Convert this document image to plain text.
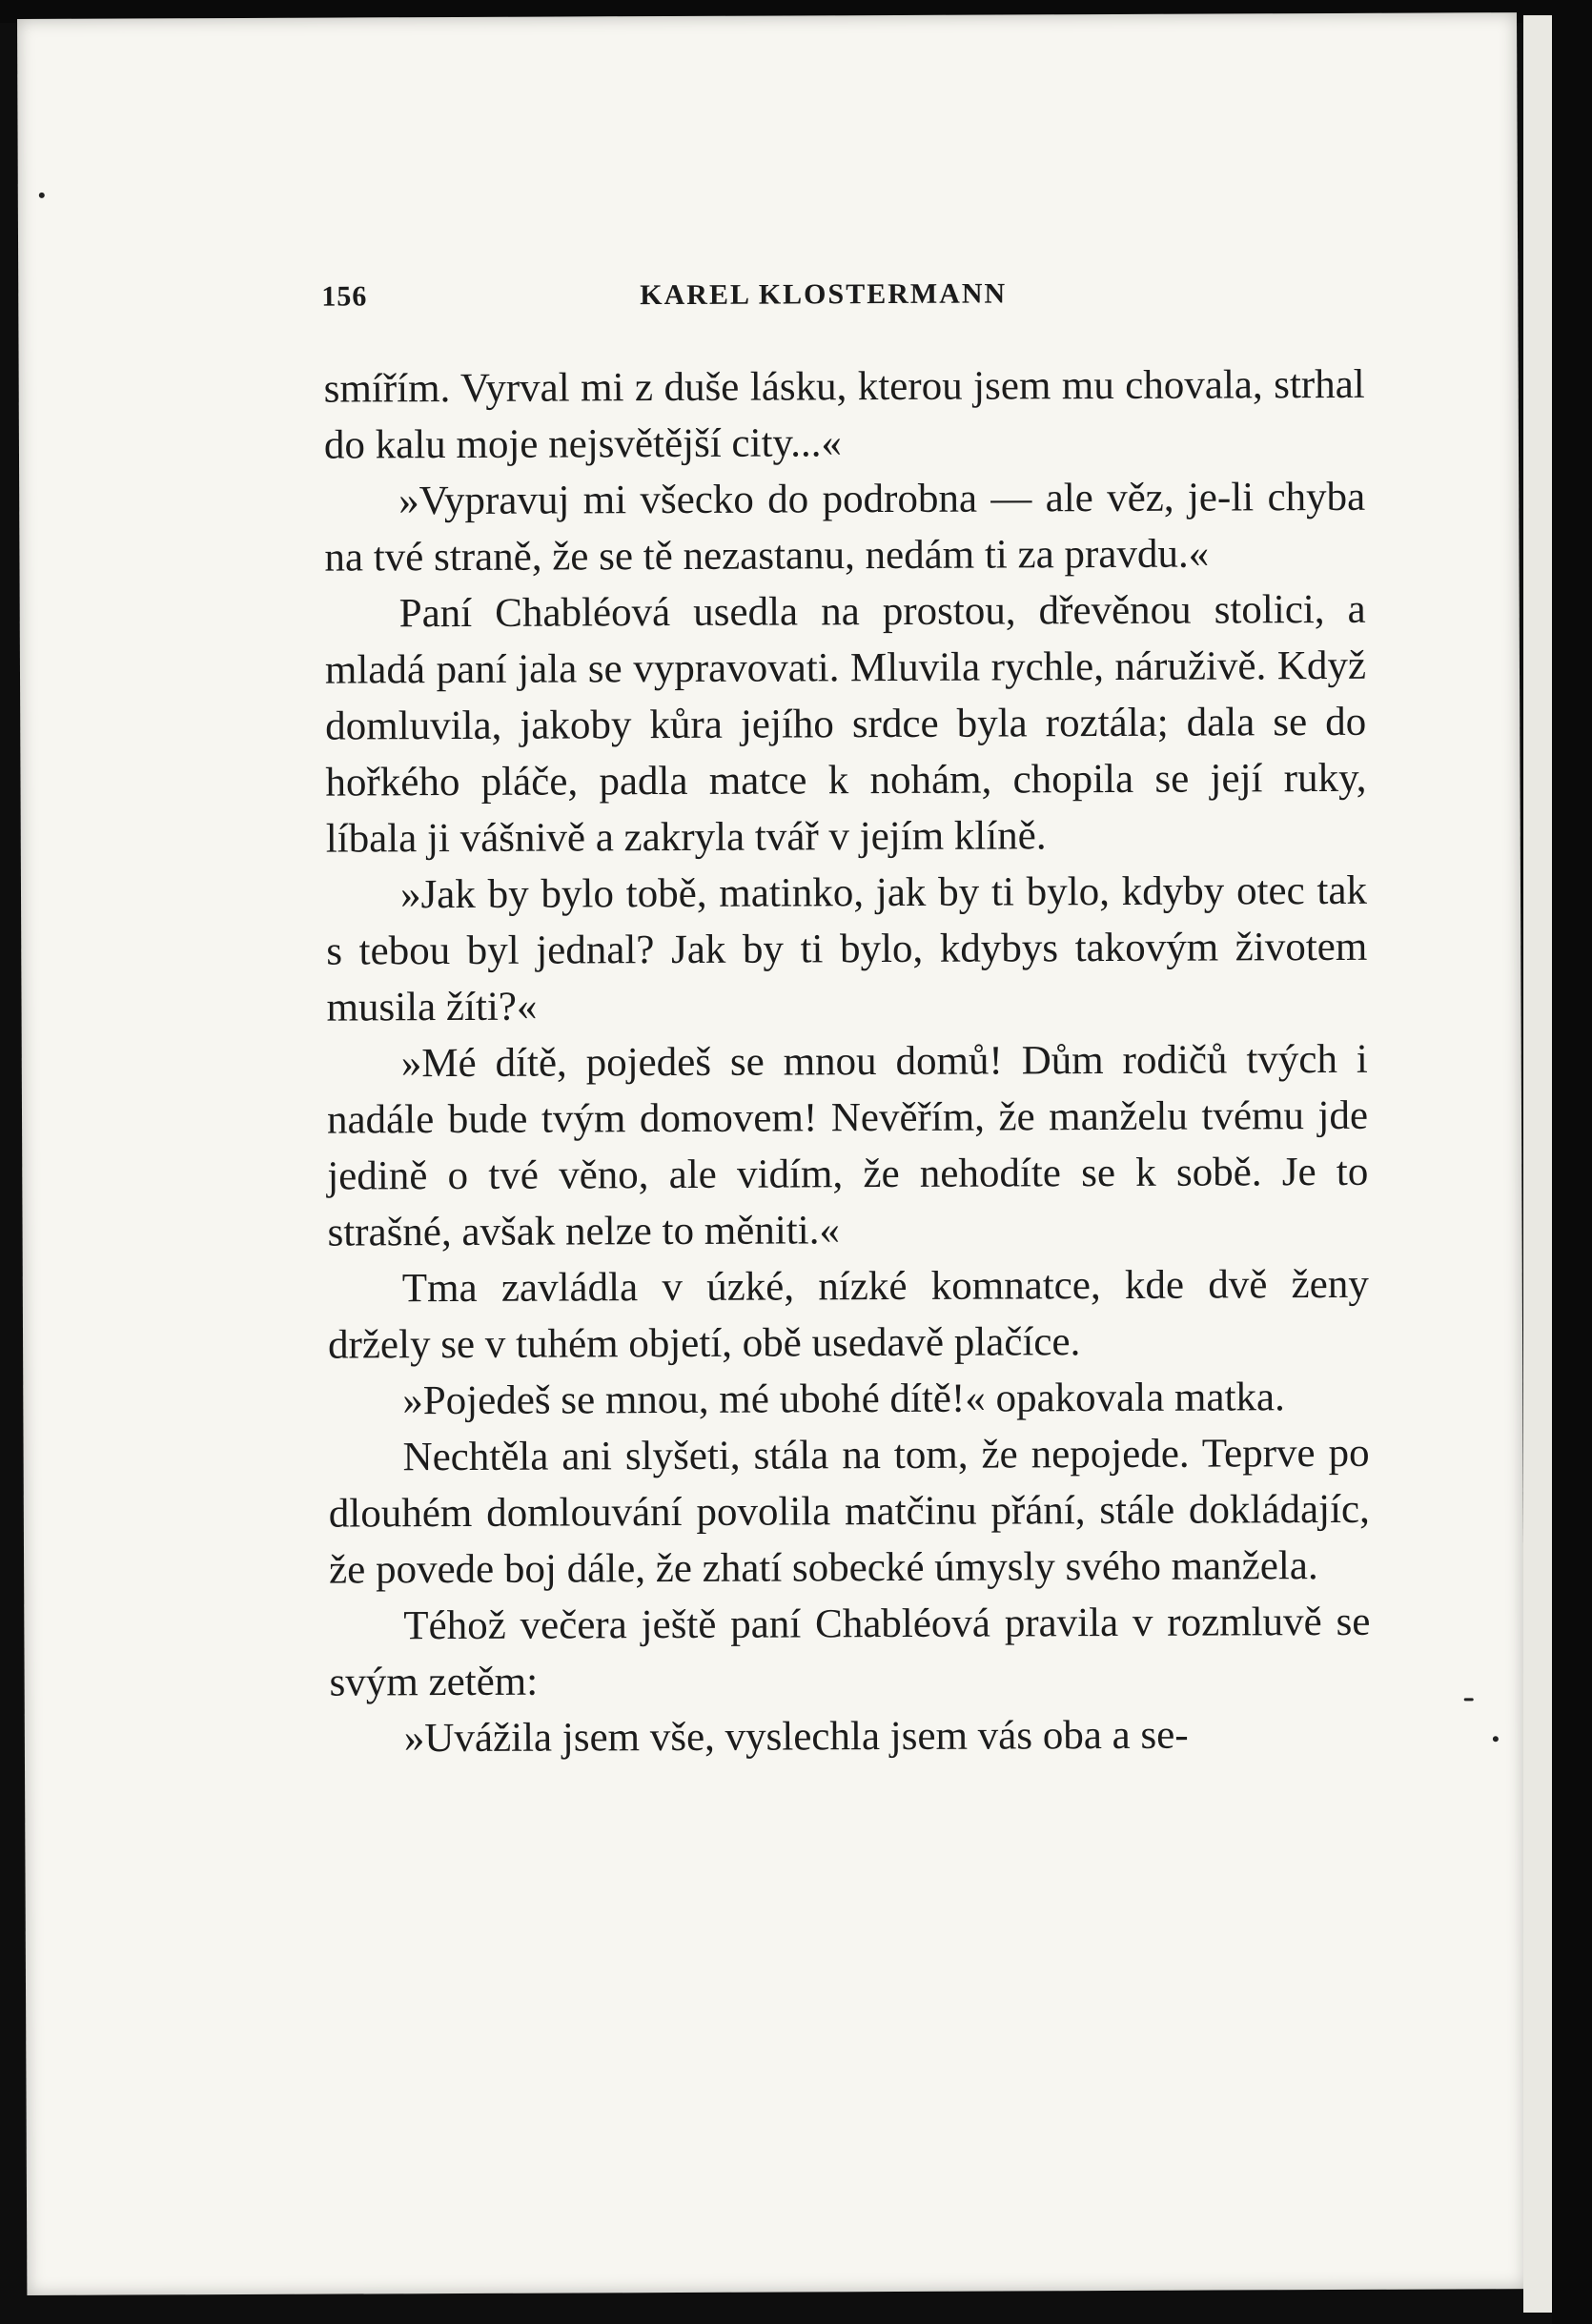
156	KAREL KLOSTERMANN

smířím. Vyrval mi z duše lásku, kterou jsem mu chovala, strhal do kalu moje nejsvětější city...«

»Vypravuj mi všecko do podrobna — ale věz, je-li chyba na tvé straně, že se tě nezastanu, nedám ti za pravdu.«

Paní Chabléová usedla na prostou, dřevěnou stolici, a mladá paní jala se vypravovati. Mluvila rychle, náruživě. Když domluvila, jakoby kůra jejího srdce byla roztála; dala se do hořkého pláče, padla matce k nohám, chopila se její ruky, líbala ji vášnivě a zakryla tvář v jejím klíně.

»Jak by bylo tobě, matinko, jak by ti bylo, kdyby otec tak s tebou byl jednal? Jak by ti bylo, kdybys takovým životem musila žíti?«

»Mé dítě, pojedeš se mnou domů! Dům rodičů tvých i nadále bude tvým domovem! Nevěřím, že manželu tvému jde jedině o tvé věno, ale vidím, že nehodíte se k sobě. Je to strašné, avšak nelze to měniti.«

Tma zavládla v úzké, nízké komnatce, kde dvě ženy držely se v tuhém objetí, obě usedavě plačíce.

»Pojedeš se mnou, mé ubohé dítě!« opakovala matka.

Nechtěla ani slyšeti, stála na tom, že nepojede. Teprve po dlouhém domlouvání povolila matčinu přání, stále dokládajíc, že povede boj dále, že zhatí sobecké úmysly svého manžela.

Téhož večera ještě paní Chabléová pravila v rozmluvě se svým zetěm:

»Uvážila jsem vše, vyslechla jsem vás oba a se-
